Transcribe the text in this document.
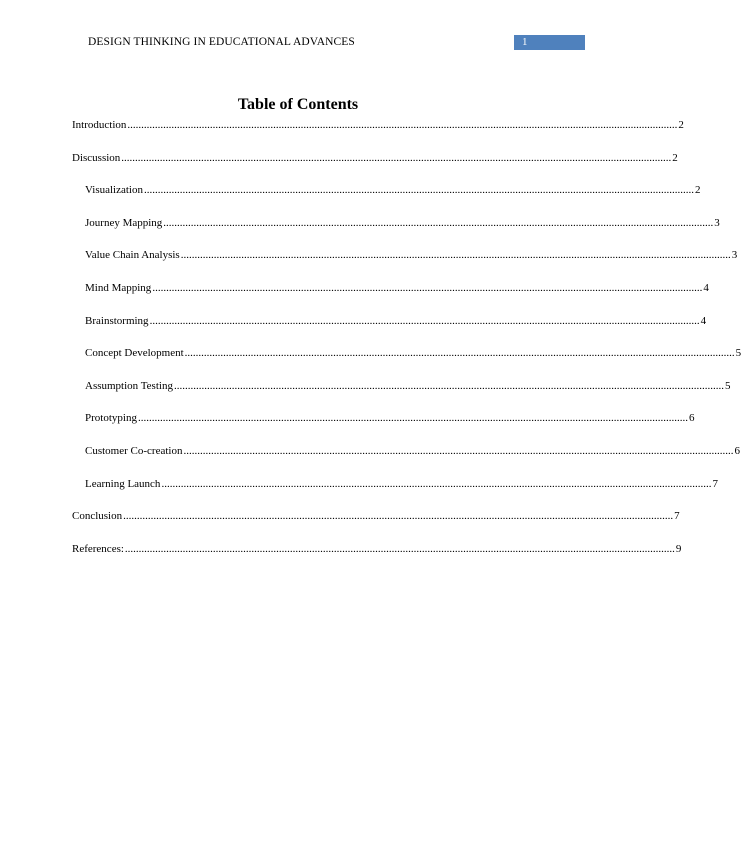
DESIGN THINKING IN EDUCATIONAL ADVANCES	1
Table of Contents
Introduction ........................................................................................................................................................................................................ 2
Discussion ........................................................................................................................................................................................................ 2
Visualization ........................................................................................................................................................................................................ 2
Journey Mapping ........................................................................................................................................................................................................ 3
Value Chain Analysis ........................................................................................................................................................................................................ 3
Mind Mapping ........................................................................................................................................................................................................ 4
Brainstorming ........................................................................................................................................................................................................ 4
Concept Development ........................................................................................................................................................................................................ 5
Assumption Testing ........................................................................................................................................................................................................ 5
Prototyping ........................................................................................................................................................................................................ 6
Customer Co-creation ........................................................................................................................................................................................................ 6
Learning Launch ........................................................................................................................................................................................................ 7
Conclusion ........................................................................................................................................................................................................ 7
References: ........................................................................................................................................................................................................ 9
